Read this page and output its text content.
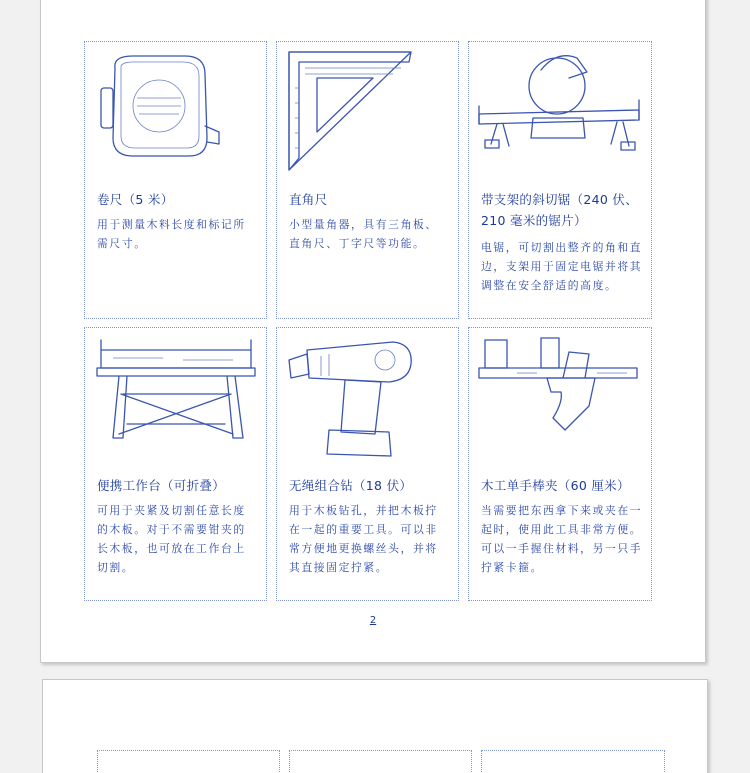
卷尺（5 米）
用于测量木料长度和标记所需尺寸。
直角尺
小型量角器，具有三角板、直角尺、丁字尺等功能。
带支架的斜切锯（240 伏、210 毫米的锯片）
电锯，可切割出整齐的角和直边，支架用于固定电锯并将其调整在安全舒适的高度。
便携工作台（可折叠）
可用于夹紧及切割任意长度的木板。对于不需要钳夹的长木板，也可放在工作台上切割。
无绳组合钻（18 伏）
用于木板钻孔，并把木板拧在一起的重要工具。可以非常方便地更换螺丝头，并将其直接固定拧紧。
木工单手棒夹（60 厘米）
当需要把东西拿下来或夹在一起时，使用此工具非常方便。可以一手握住材料，另一只手拧紧卡箍。
2
